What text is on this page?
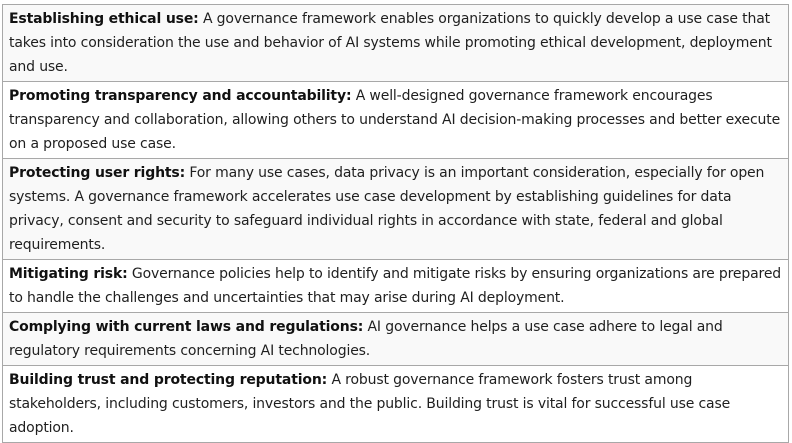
Establishing ethical use: A governance framework enables organizations to quickly develop a use case that takes into consideration the use and behavior of AI systems while promoting ethical development, deployment and use.
Promoting transparency and accountability: A well-designed governance framework encourages transparency and collaboration, allowing others to understand AI decision-making processes and better execute on a proposed use case.
Protecting user rights: For many use cases, data privacy is an important consideration, especially for open systems. A governance framework accelerates use case development by establishing guidelines for data privacy, consent and security to safeguard individual rights in accordance with state, federal and global requirements.
Mitigating risk: Governance policies help to identify and mitigate risks by ensuring organizations are prepared to handle the challenges and uncertainties that may arise during AI deployment.
Complying with current laws and regulations: AI governance helps a use case adhere to legal and regulatory requirements concerning AI technologies.
Building trust and protecting reputation: A robust governance framework fosters trust among stakeholders, including customers, investors and the public. Building trust is vital for successful use case adoption.
